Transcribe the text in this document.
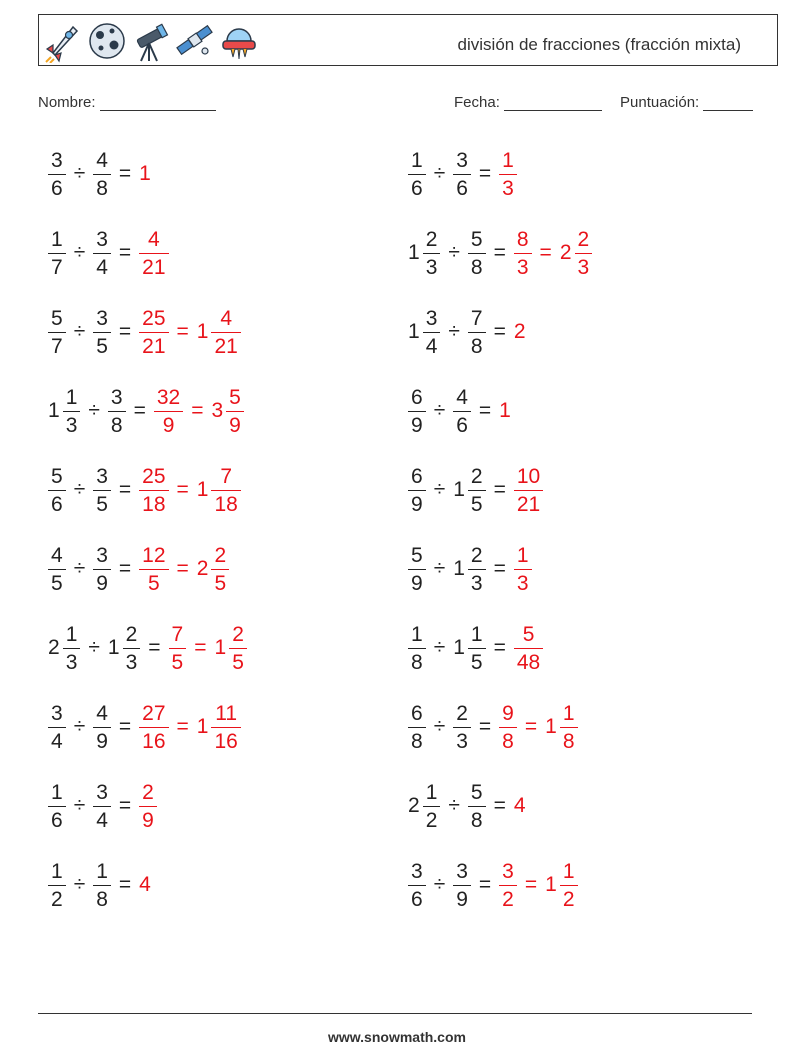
división de fracciones (fracción mixta)
Nombre:	Fecha:	Puntuación:
$\frac{3}{6} \div \frac{4}{8} = 1$
$\frac{1}{7} \div \frac{3}{4} = \frac{4}{21}$
$\frac{5}{7} \div \frac{3}{5} = \frac{25}{21} = 1 \frac{4}{21}$
$1 \frac{1}{3} \div \frac{3}{8} = \frac{32}{9} = 3 \frac{5}{9}$
$\frac{5}{6} \div \frac{3}{5} = \frac{25}{18} = 1 \frac{7}{18}$
$\frac{4}{5} \div \frac{3}{9} = \frac{12}{5} = 2 \frac{2}{5}$
$2 \frac{1}{3} \div 1 \frac{2}{3} = \frac{7}{5} = 1 \frac{2}{5}$
$\frac{3}{4} \div \frac{4}{9} = \frac{27}{16} = 1 \frac{11}{16}$
$\frac{1}{6} \div \frac{3}{4} = \frac{2}{9}$
$\frac{1}{2} \div \frac{1}{8} = 4$
$\frac{1}{6} \div \frac{3}{6} = \frac{1}{3}$
$1 \frac{2}{3} \div \frac{5}{8} = \frac{8}{3} = 2 \frac{2}{3}$
$1 \frac{3}{4} \div \frac{7}{8} = 2$
$\frac{6}{9} \div \frac{4}{6} = 1$
$\frac{6}{9} \div 1 \frac{2}{5} = \frac{10}{21}$
$\frac{5}{9} \div 1 \frac{2}{3} = \frac{1}{3}$
$\frac{1}{8} \div 1 \frac{1}{5} = \frac{5}{48}$
$\frac{6}{8} \div \frac{2}{3} = \frac{9}{8} = 1 \frac{1}{8}$
$2 \frac{1}{2} \div \frac{5}{8} = 4$
$\frac{3}{6} \div \frac{3}{9} = \frac{3}{2} = 1 \frac{1}{2}$
www.snowmath.com
